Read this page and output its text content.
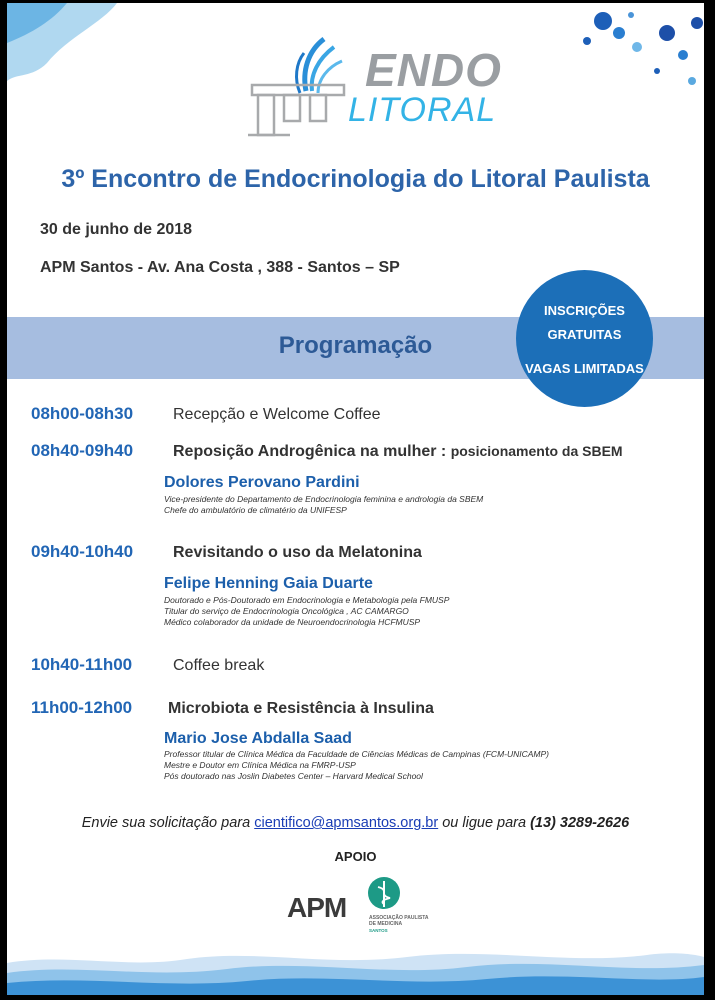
ENDO
LITORAL
3º Encontro de Endocrinologia do Litoral Paulista
30 de junho de 2018
APM Santos - Av. Ana Costa , 388 - Santos – SP
Programação
INSCRIÇÕES
GRATUITAS
VAGAS LIMITADAS
08h00-08h30 Recepção e Welcome Coffee
08h40-09h40 Reposição Androgênica na mulher : posicionamento da SBEM
Dolores Perovano Pardini
Vice-presidente do Departamento de Endocrinologia feminina e andrologia da SBEM
Chefe do ambulatório de climatério da UNIFESP
09h40-10h40 Revisitando o uso da Melatonina
Felipe Henning Gaia Duarte
Doutorado e Pós-Doutorado em Endocrinologia e Metabologia pela FMUSP
Titular do serviço de Endocrinologia Oncológica , AC CAMARGO
Médico colaborador da unidade de Neuroendocrinologia HCFMUSP
10h40-11h00	Coffee break
11h00-12h00 Microbiota e Resistência à Insulina
Mario Jose Abdalla Saad
Professor titular de Clínica Médica da Faculdade de Ciências Médicas de Campinas (FCM-UNICAMP)
Mestre e Doutor em Clínica Médica na FMRP-USP
Pós doutorado nas Joslin Diabetes Center – Harvard Medical School
Envie sua solicitação para cientifico@apmsantos.org.br ou ligue para (13) 3289-2626
APOIO
APM	ASSOCIAÇÃO PAULISTA
DE MEDICINA
SANTOS
